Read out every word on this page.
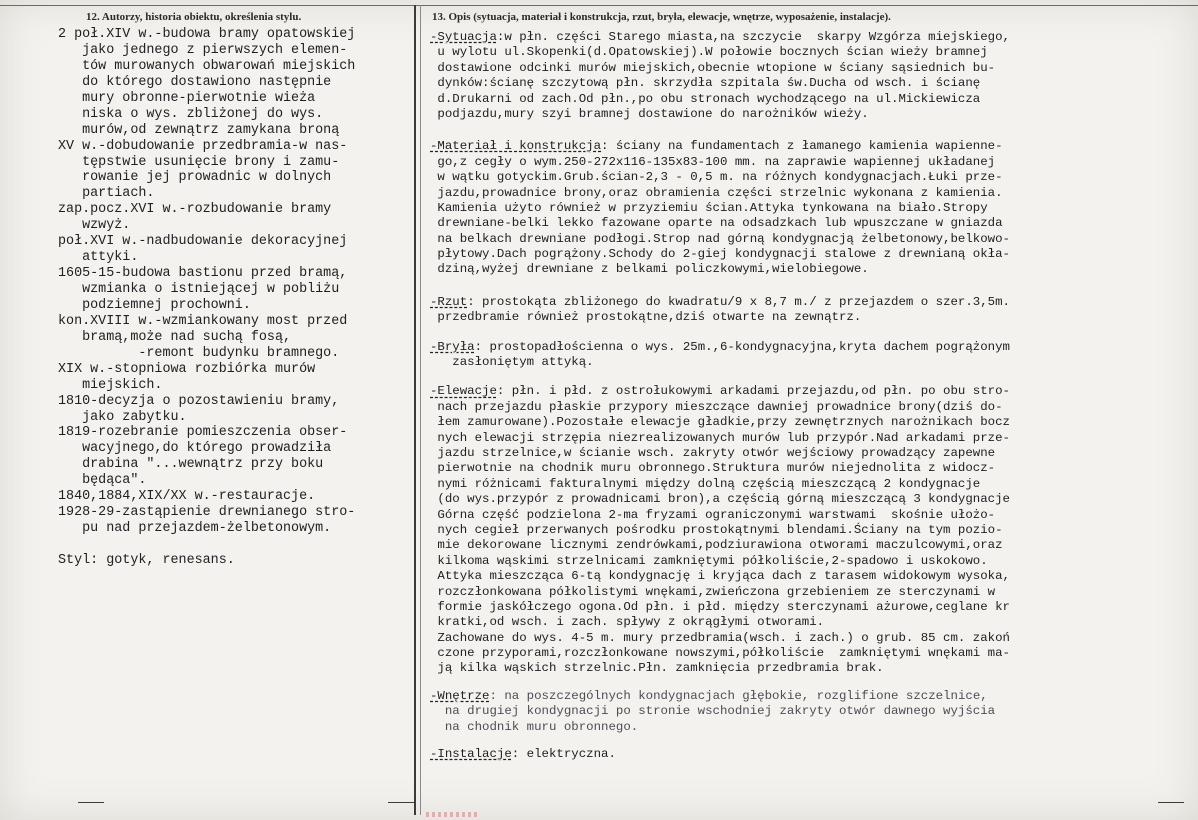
12. Autorzy, historia obiektu, określenia stylu.	13. Opis (sytuacja, materiał i konstrukcja, rzut, bryła, elewacje, wnętrze, wyposażenie, instalacje).
2 poł.XIV w.-budowa bramy opatowskiej
jako jednego z pierwszych elemen-
tów murowanych obwarowań miejskich
do którego dostawiono następnie
mury obronne-pierwotnie wieża
niska o wys. zbliżonej do wys.
murów,od zewnątrz zamykana broną
XV w.-dobudowanie przedbramia-w nas-
tępstwie usunięcie brony i zamu-
rowanie jej prowadnic w dolnych
partiach.
zap.pocz.XVI w.-rozbudowanie bramy
wzwyż.
poł.XVI w.-nadbudowanie dekoracyjnej
attyki.
1605-15-budowa bastionu przed bramą,
wzmianka o istniejącej w pobliżu
podziemnej prochowni.
kon.XVIII w.-wzmiankowany most przed
bramą,może nad suchą fosą,
-remont budynku bramnego.
XIX w.-stopniowa rozbiórka murów
miejskich.
1810-decyzja o pozostawieniu bramy,
jako zabytku.
1819-rozebranie pomieszczenia obser-
wacyjnego,do którego prowadziła
drabina "...wewnątrz przy boku
będąca".
1840,1884,XIX/XX w.-restauracje.
1928-29-zastąpienie drewnianego stro-
pu nad przejazdem-żelbetonowym.
Styl: gotyk, renesans.
-Sytuacja:w płn. części Starego miasta,na szczycie  skarpy Wzgórza miejskiego,
u wylotu ul.Skopenki(d.Opatowskiej).W połowie bocznych ścian wieży bramnej
dostawione odcinki murów miejskich,obecnie wtopione w ściany sąsiednich bu-
dynków:ścianę szczytową płn. skrzydła szpitala św.Ducha od wsch. i ścianę
d.Drukarni od zach.Od płn.,po obu stronach wychodzącego na ul.Mickiewicza
podjazdu,mury szyi bramnej dostawione do narożników wieży.
-Materiał i konstrukcja: ściany na fundamentach z łamanego kamienia wapienne-
go,z cegły o wym.250-272x116-135x83-100 mm. na zaprawie wapiennej układanej
w wątku gotyckim.Grub.ścian-2,3 - 0,5 m. na różnych kondygnacjach.Łuki prze-
jazdu,prowadnice brony,oraz obramienia części strzelnic wykonana z kamienia.
Kamienia użyto również w przyziemiu ścian.Attyka tynkowana na biało.Stropy
drewniane-belki lekko fazowane oparte na odsadzkach lub wpuszczane w gniazda
na belkach drewniane podłogi.Strop nad górną kondygnacją żelbetonowy,belkowo-
płytowy.Dach pogrążony.Schody do 2-giej kondygnacji stalowe z drewnianą okła-
dziną,wyżej drewniane z belkami policzkowymi,wielobiegowe.
-Rzut: prostokąta zbliżonego do kwadratu/9 x 8,7 m./ z przejazdem o szer.3,5m.
przedbramie również prostokątne,dziś otwarte na zewnątrz.
-Bryła: prostopadłościenna o wys. 25m.,6-kondygnacyjna,kryta dachem pogrążonym
zasłoniętym attyką.
-Elewacje: płn. i płd. z ostrołukowymi arkadami przejazdu,od płn. po obu stro-
nach przejazdu płaskie przypory mieszczące dawniej prowadnice brony(dziś do-
łem zamurowane).Pozostałe elewacje gładkie,przy zewnętrznych narożnikach bocz
nych elewacji strzępia niezrealizowanych murów lub przypór.Nad arkadami prze-
jazdu strzelnice,w ścianie wsch. zakryty otwór wejściowy prowadzący zapewne
pierwotnie na chodnik muru obronnego.Struktura murów niejednolita z widocz-
nymi różnicami fakturalnymi między dolną częścią mieszczącą 2 kondygnacje
(do wys.przypór z prowadnicami bron),a częścią górną mieszczącą 3 kondygnacje
Górna część podzielona 2-ma fryzami ograniczonymi warstwami  skośnie ułożo-
nych cegieł przerwanych pośrodku prostokątnymi blendami.Ściany na tym pozio-
mie dekorowane licznymi zendrówkami,podziurawiona otworami maczulcowymi,oraz
kilkoma wąskimi strzelnicami zamkniętymi półkoliście,2-spadowo i uskokowo.
Attyka mieszcząca 6-tą kondygnację i kryjąca dach z tarasem widokowym wysoka,
rozczłonkowana półkolistymi wnękami,zwieńczona grzebieniem ze sterczynami w
formie jaskółczego ogona.Od płn. i płd. między sterczynami ażurowe,ceglane kr
kratki,od wsch. i zach. spływy z okrągłymi otworami.
Zachowane do wys. 4-5 m. mury przedbramia(wsch. i zach.) o grub. 85 cm. zakoń
czone przyporami,rozczłonkowane nowszymi,półkoliście  zamkniętymi wnękami ma-
ją kilka wąskich strzelnic.Płn. zamknięcia przedbramia brak.
-Wnętrze: na poszczególnych kondygnacjach głębokie, rozglifione szczelnice,
na drugiej kondygnacji po stronie wschodniej zakryty otwór dawnego wyjścia
na chodnik muru obronnego.
-Instalacje: elektryczna.
